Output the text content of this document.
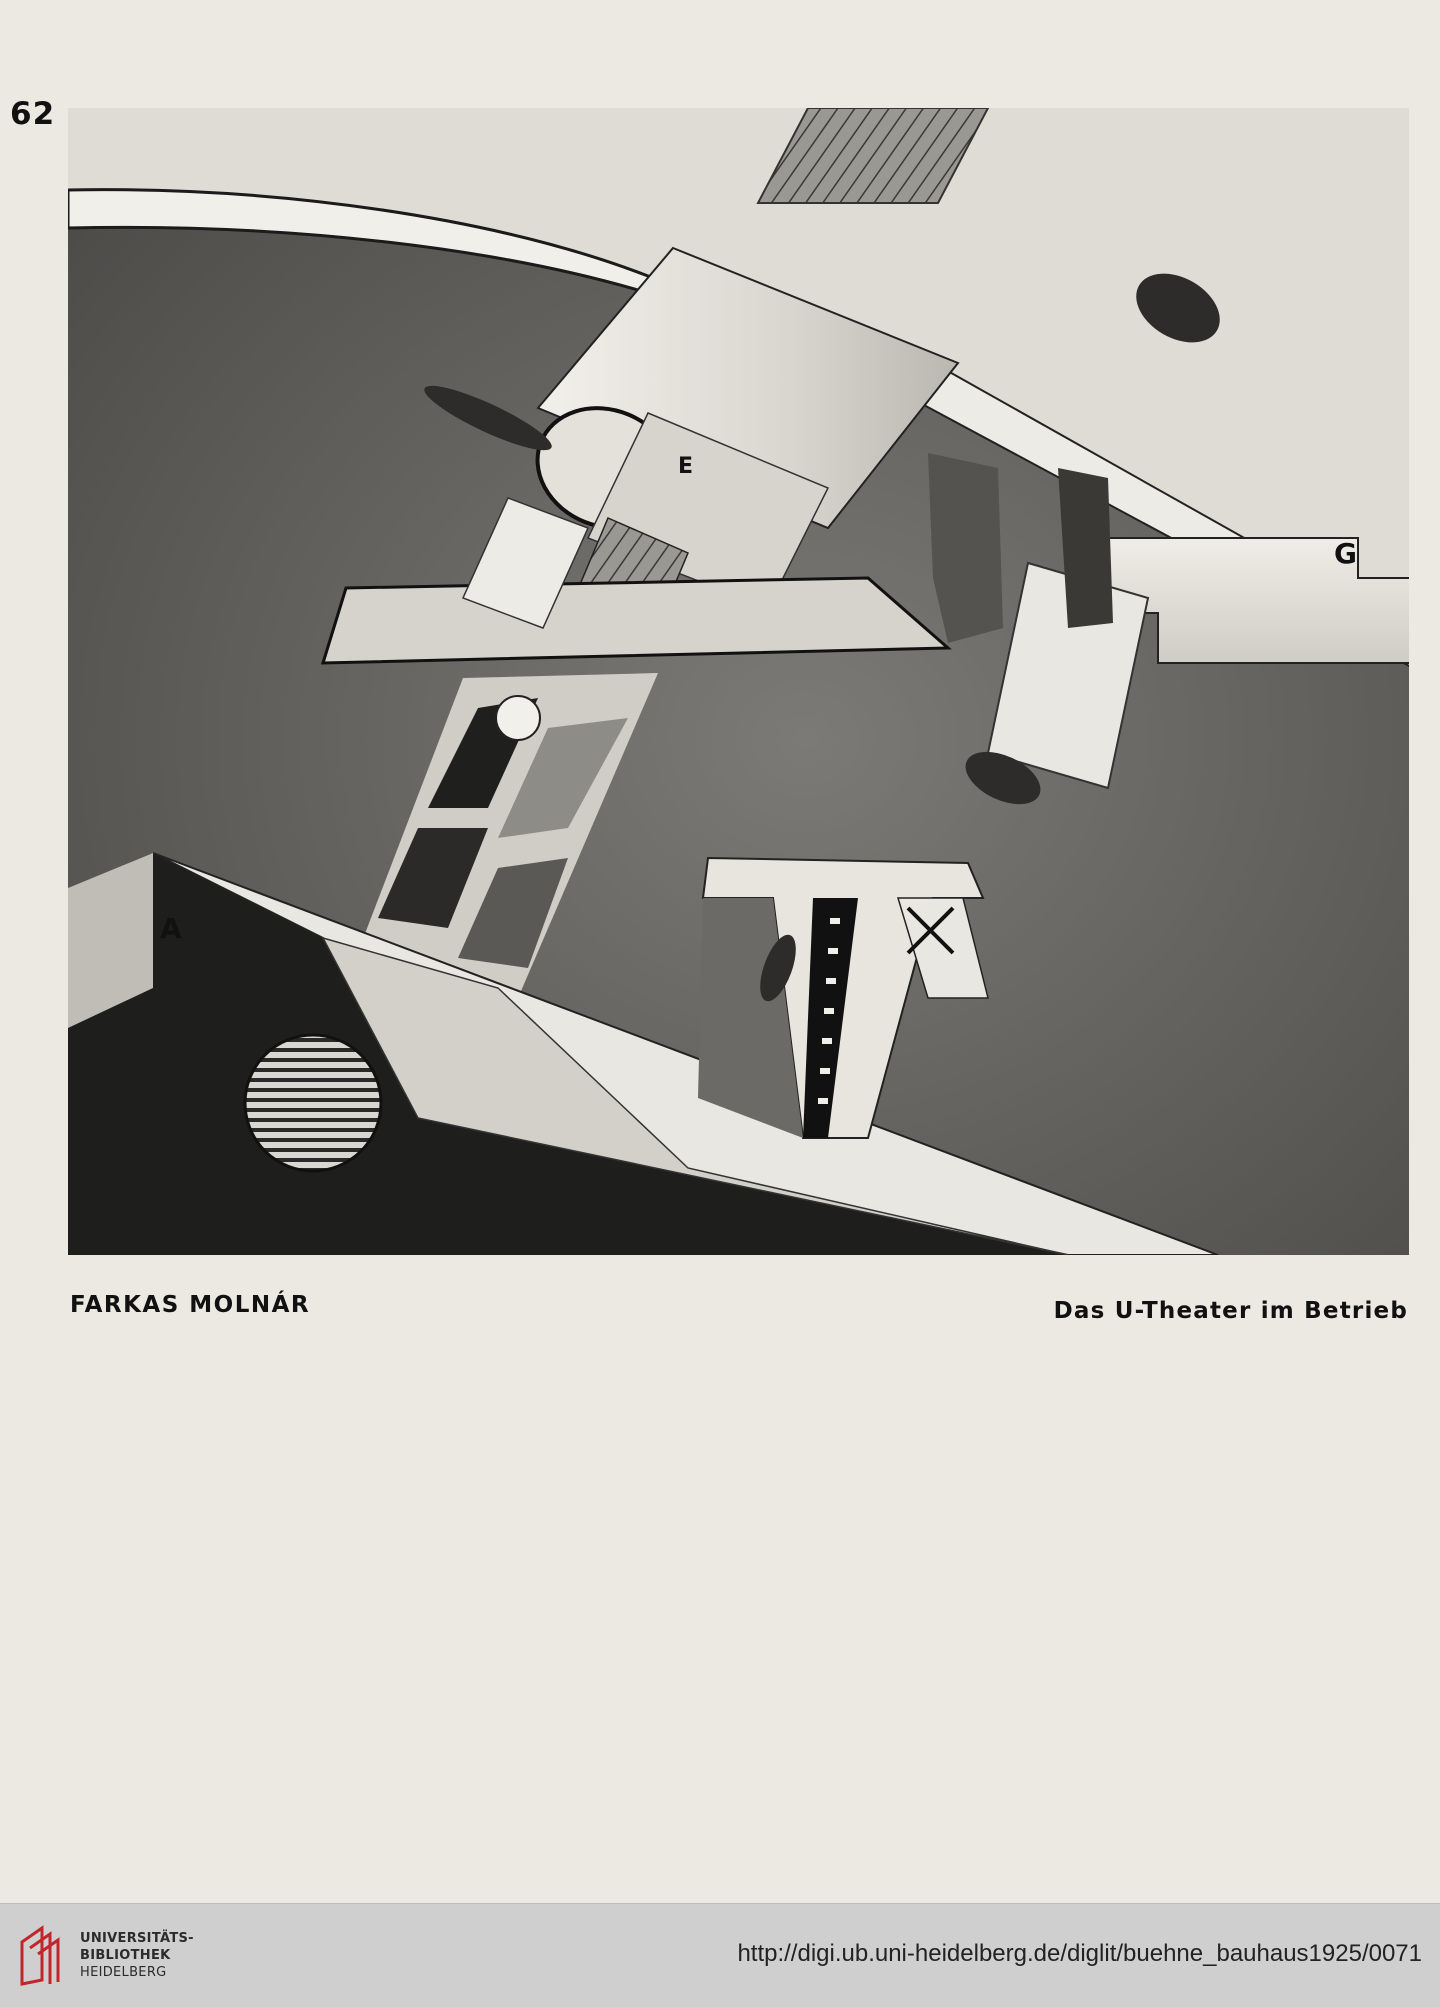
62
E
G
A
FARKAS MOLNÁR	Das U-Theater im Betrieb
UNIVERSITÄTS-
BIBLIOTHEK
HEIDELBERG
http://digi.ub.uni-heidelberg.de/diglit/buehne_bauhaus1925/0071
